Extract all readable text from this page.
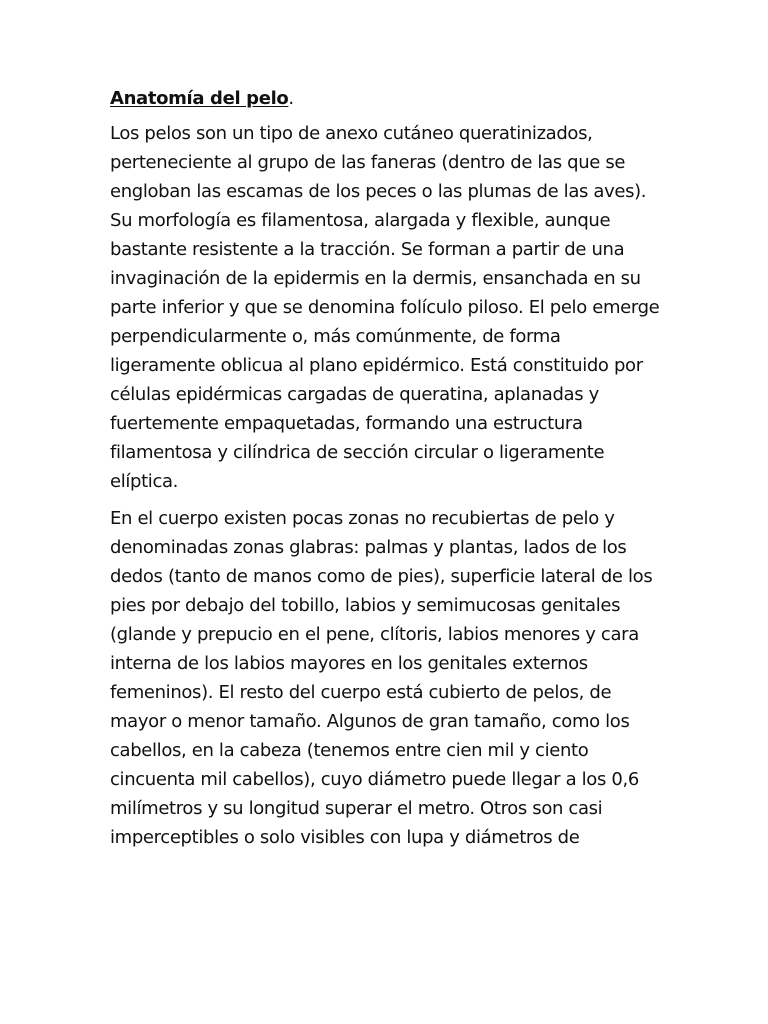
Anatomía del pelo.

Los pelos son un tipo de anexo cutáneo queratinizados, perteneciente al grupo de las faneras (dentro de las que se engloban las escamas de los peces o las plumas de las aves). Su morfología es filamentosa, alargada y flexible, aunque bastante resistente a la tracción. Se forman a partir de una invaginación de la epidermis en la dermis, ensanchada en su parte inferior y que se denomina folículo piloso. El pelo emerge perpendicularmente o, más comúnmente, de forma ligeramente oblicua al plano epidérmico. Está constituido por células epidérmicas cargadas de queratina, aplanadas y fuertemente empaquetadas, formando una estructura filamentosa y cilíndrica de sección circular o ligeramente elíptica.

En el cuerpo existen pocas zonas no recubiertas de pelo y denominadas zonas glabras: palmas y plantas, lados de los dedos (tanto de manos como de pies), superficie lateral de los pies por debajo del tobillo, labios y semimucosas genitales (glande y prepucio en el pene, clítoris, labios menores y cara interna de los labios mayores en los genitales externos femeninos). El resto del cuerpo está cubierto de pelos, de mayor o menor tamaño. Algunos de gran tamaño, como los cabellos, en la cabeza (tenemos entre cien mil y ciento cincuenta mil cabellos), cuyo diámetro puede llegar a los 0,6 milímetros y su longitud superar el metro. Otros son casi imperceptibles o solo visibles con lupa y diámetros de
